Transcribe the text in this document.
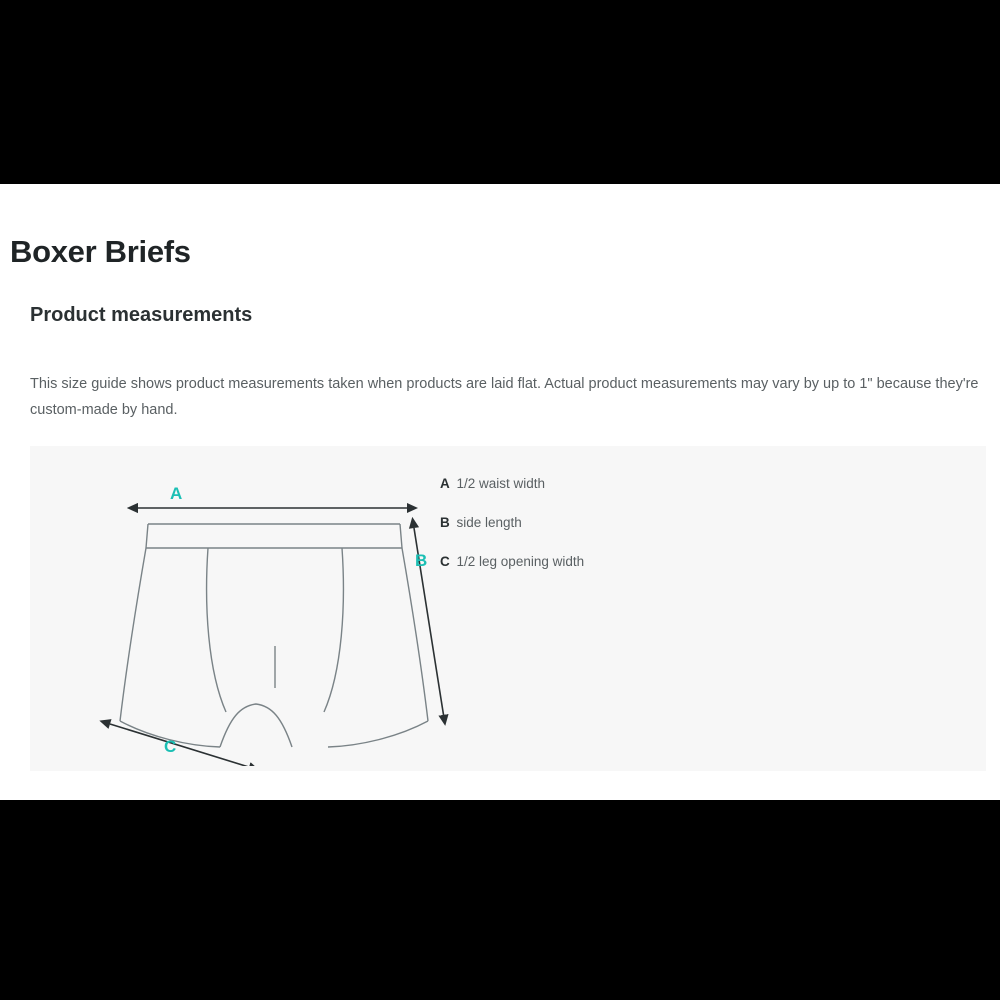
Boxer Briefs
Product measurements

This size guide shows product measurements taken when products are laid flat. Actual product measurements may vary by up to 1" because they're custom-made by hand.

A 1/2 waist width
B side length
C 1/2 leg opening width
A
B
C
